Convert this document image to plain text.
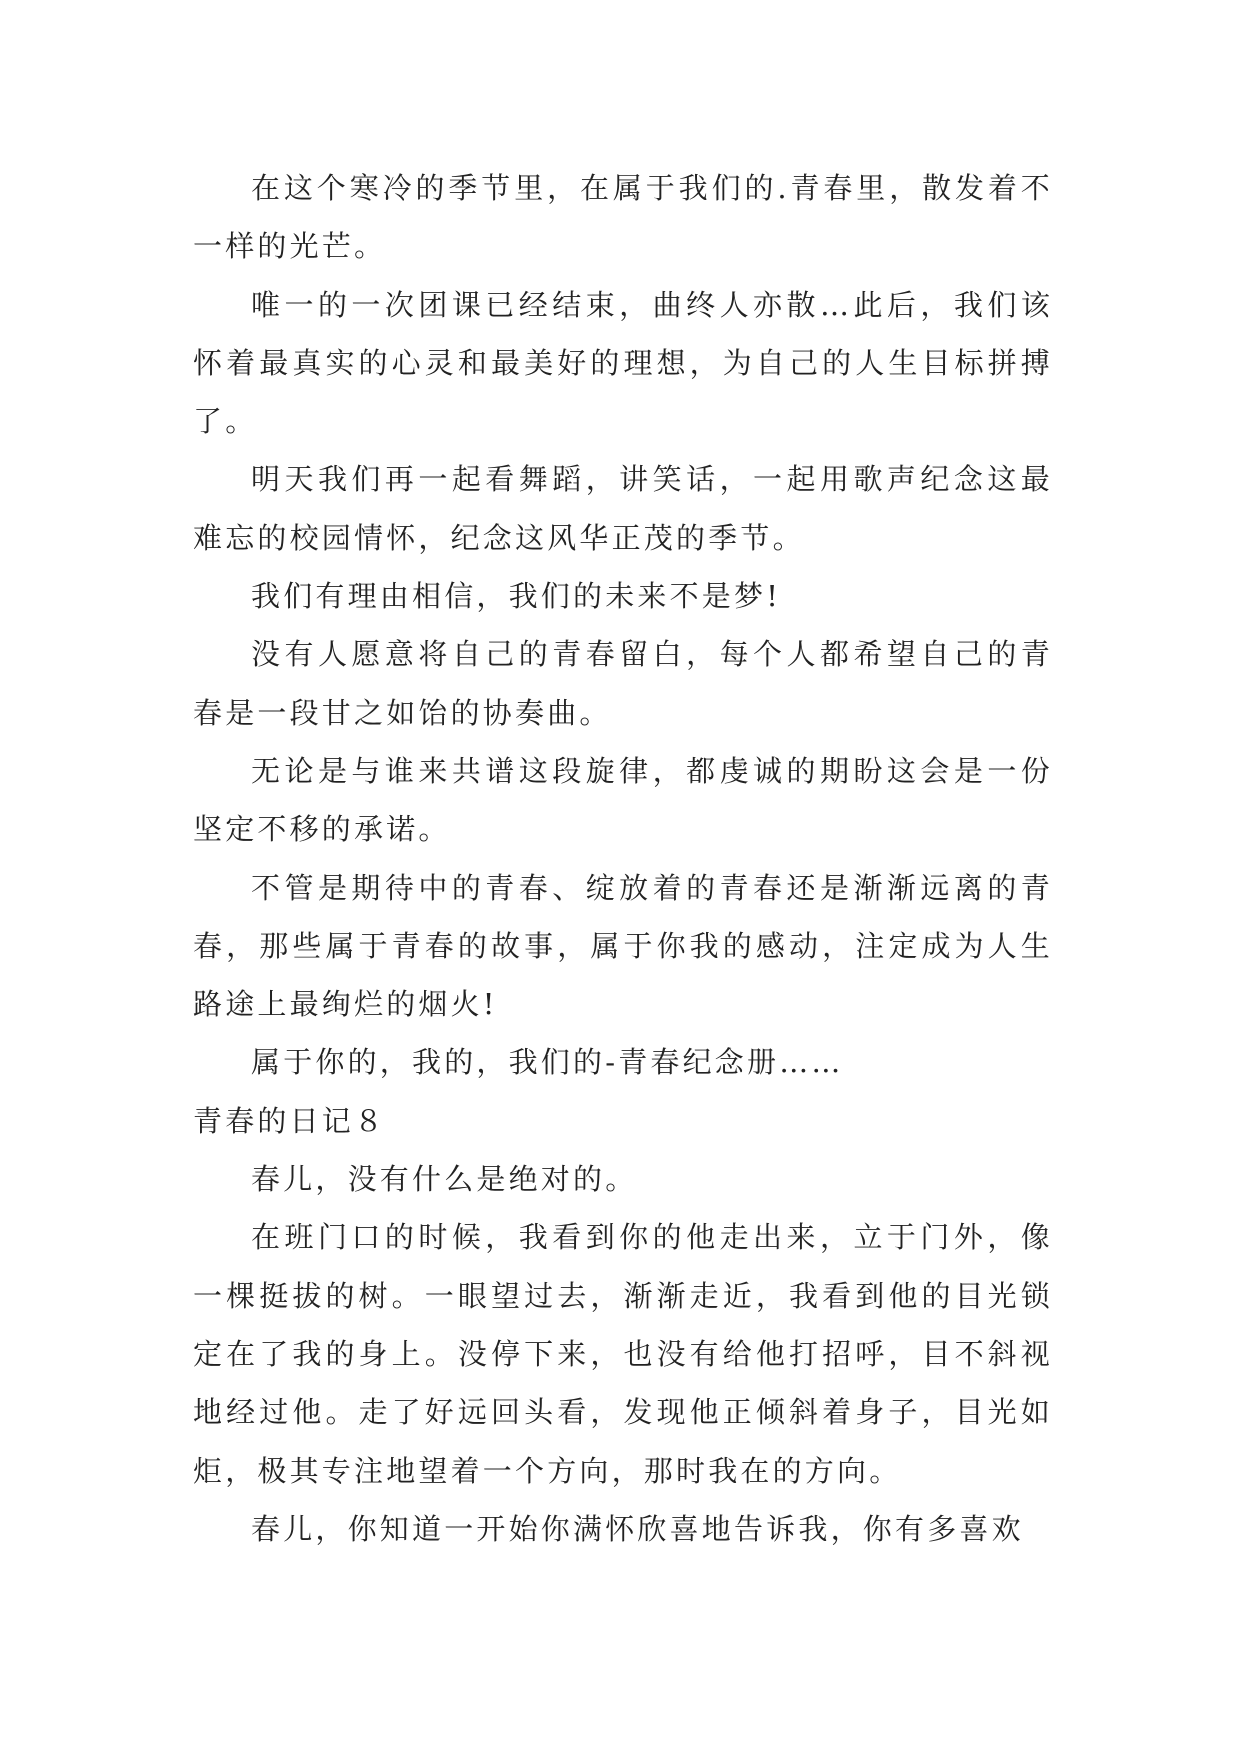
在这个寒冷的季节里，在属于我们的.青春里，散发着不一样的光芒。

唯一的一次团课已经结束，曲终人亦散…此后，我们该怀着最真实的心灵和最美好的理想，为自己的人生目标拼搏了。

明天我们再一起看舞蹈，讲笑话，一起用歌声纪念这最难忘的校园情怀，纪念这风华正茂的季节。

我们有理由相信，我们的未来不是梦!

没有人愿意将自己的青春留白，每个人都希望自己的青春是一段甘之如饴的协奏曲。

无论是与谁来共谱这段旋律，都虔诚的期盼这会是一份坚定不移的承诺。

不管是期待中的青春、绽放着的青春还是渐渐远离的青春，那些属于青春的故事，属于你我的感动，注定成为人生路途上最绚烂的烟火!

属于你的，我的，我们的-青春纪念册……

青春的日记８

春儿，没有什么是绝对的。

在班门口的时候，我看到你的他走出来，立于门外，像一棵挺拔的树。一眼望过去，渐渐走近，我看到他的目光锁定在了我的身上。没停下来，也没有给他打招呼，目不斜视地经过他。走了好远回头看，发现他正倾斜着身子，目光如炬，极其专注地望着一个方向，那时我在的方向。

春儿，你知道一开始你满怀欣喜地告诉我，你有多喜欢
